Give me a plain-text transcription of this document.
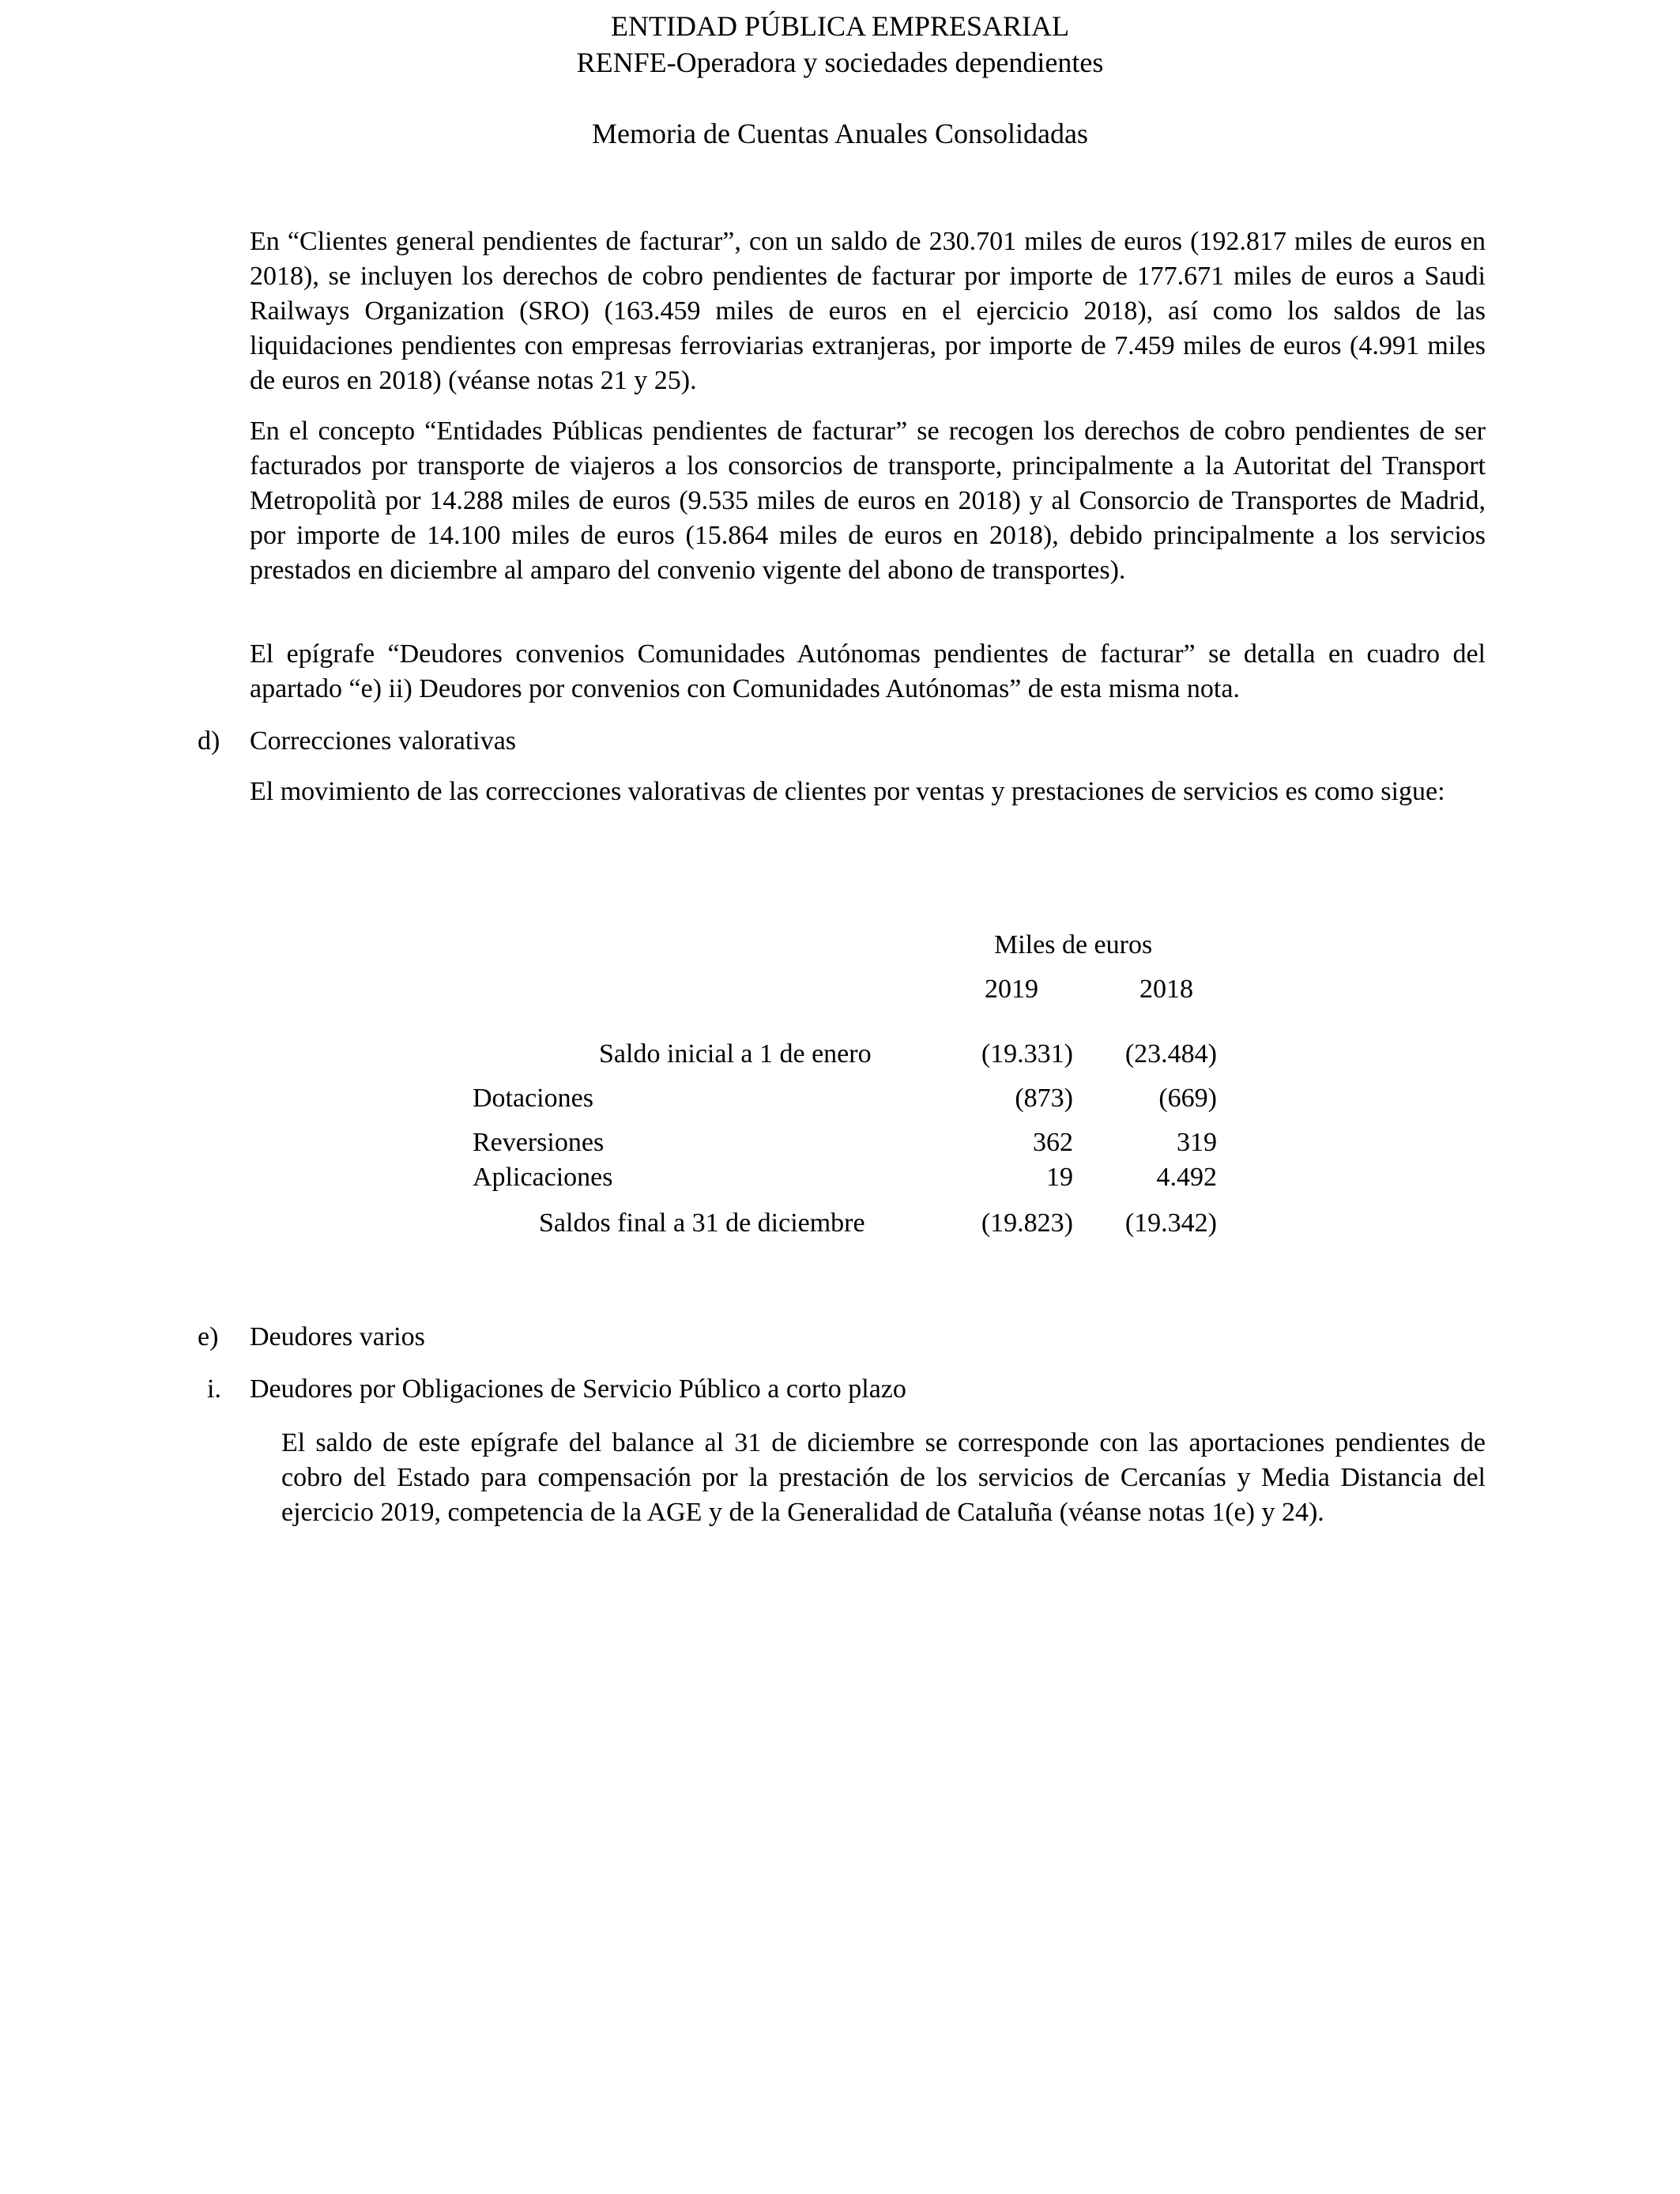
ENTIDAD PÚBLICA EMPRESARIAL
RENFE-Operadora y sociedades dependientes
Memoria de Cuentas Anuales Consolidadas

En “Clientes general pendientes de facturar”, con un saldo de 230.701 miles de euros (192.817 miles de euros en 2018), se incluyen los derechos de cobro pendientes de facturar por importe de 177.671 miles de euros a Saudi Railways Organization (SRO) (163.459 miles de euros en el ejercicio 2018), así como los saldos de las liquidaciones pendientes con empresas ferroviarias extranjeras, por importe de 7.459 miles de euros (4.991 miles de euros en 2018) (véanse notas 21 y 25).

En el concepto “Entidades Públicas pendientes de facturar” se recogen los derechos de cobro pendientes de ser facturados por transporte de viajeros a los consorcios de transporte, principalmente a la Autoritat del Transport Metropolità por 14.288 miles de euros (9.535 miles de euros en 2018) y al Consorcio de Transportes de Madrid, por importe de 14.100 miles de euros (15.864 miles de euros en 2018), debido principalmente a los servicios prestados en diciembre al amparo del convenio vigente del abono de transportes).

El epígrafe “Deudores convenios Comunidades Autónomas pendientes de facturar” se detalla en cuadro del apartado “e) ii) Deudores por convenios con Comunidades Autónomas” de esta misma nota.

d) Correcciones valorativas

El movimiento de las correcciones valorativas de clientes por ventas y prestaciones de servicios es como sigue:

Miles de euros
2019	2018
Saldo inicial a 1 de enero	(19.331)	(23.484)
Dotaciones	(873)	(669)
Reversiones	362	319
Aplicaciones	19	4.492
Saldos final a 31 de diciembre	(19.823)	(19.342)
e) Deudores varios
i. Deudores por Obligaciones de Servicio Público a corto plazo

El saldo de este epígrafe del balance al 31 de diciembre se corresponde con las aportaciones pendientes de cobro del Estado para compensación por la prestación de los servicios de Cercanías y Media Distancia del ejercicio 2019, competencia de la AGE y de la Generalidad de Cataluña (véanse notas 1(e) y 24).
